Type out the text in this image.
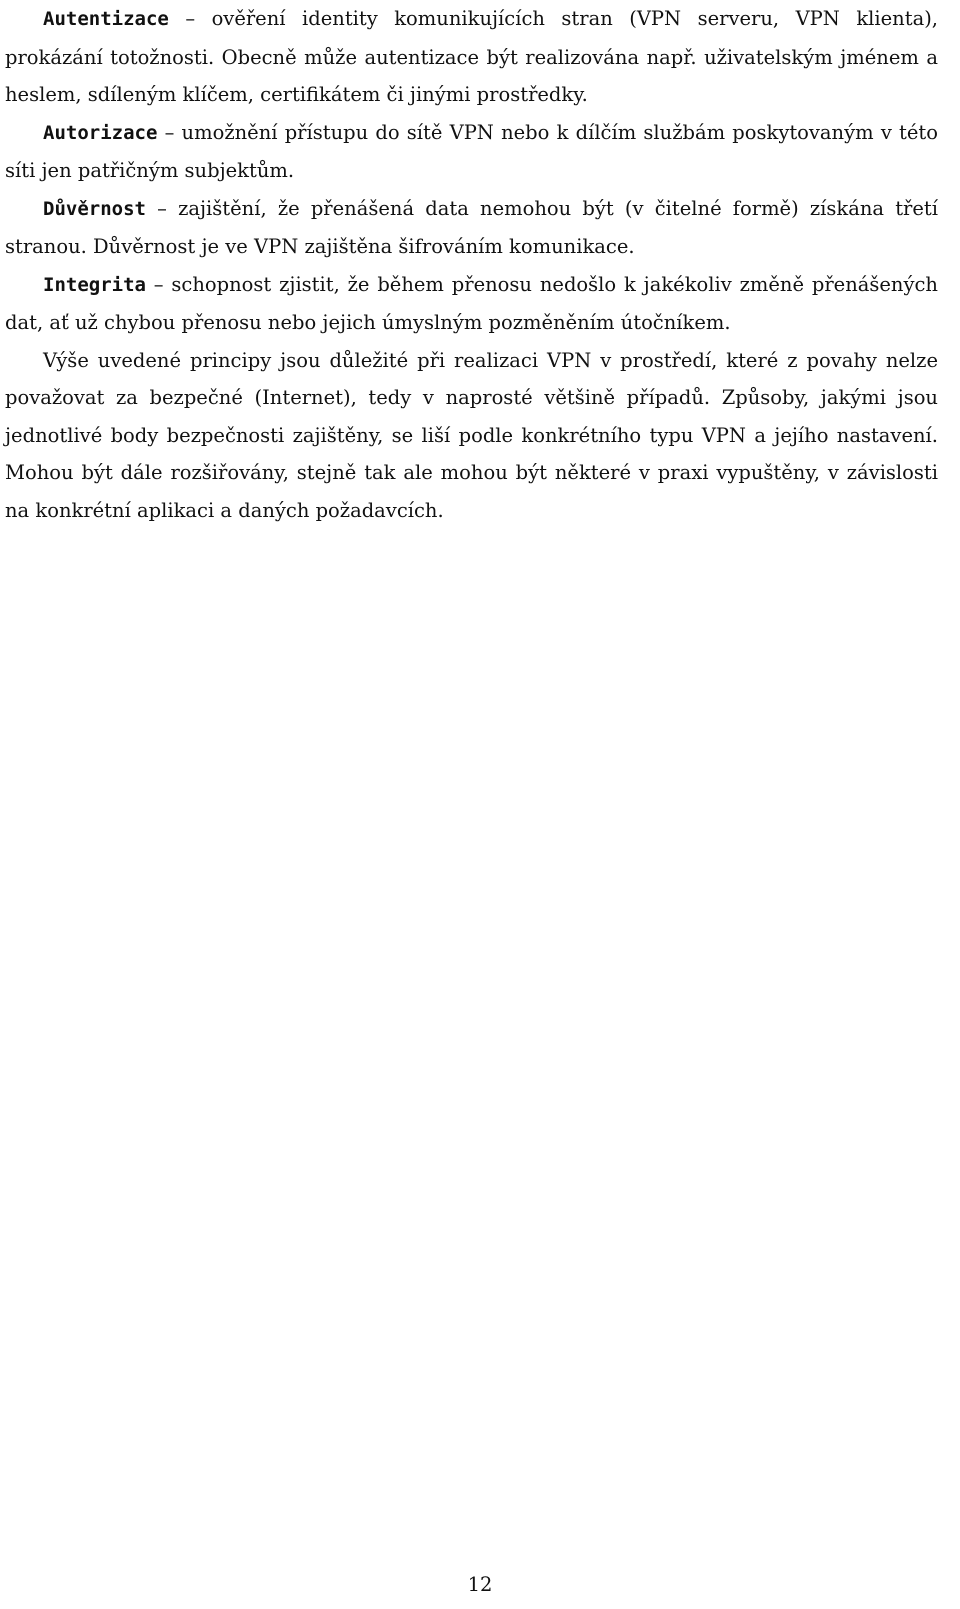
Autentizace – ověření identity komunikujících stran (VPN serveru, VPN klienta), prokázání totožnosti. Obecně může autentizace být realizována např. uživatelským jménem a heslem, sdíleným klíčem, certifikátem či jinými prostředky.

Autorizace – umožnění přístupu do sítě VPN nebo k dílčím službám poskytovaným v této síti jen patřičným subjektům.

Důvěrnost – zajištění, že přenášená data nemohou být (v čitelné formě) získána třetí stranou. Důvěrnost je ve VPN zajištěna šifrováním komunikace.

Integrita – schopnost zjistit, že během přenosu nedošlo k jakékoliv změně přenášených dat, ať už chybou přenosu nebo jejich úmyslným pozměněním útočníkem.

Výše uvedené principy jsou důležité při realizaci VPN v prostředí, které z povahy nelze považovat za bezpečné (Internet), tedy v naprosté většině případů. Způsoby, jakými jsou jednotlivé body bezpečnosti zajištěny, se liší podle konkrétního typu VPN a jejího nastavení. Mohou být dále rozšiřovány, stejně tak ale mohou být některé v praxi vypuštěny, v závislosti na konkrétní aplikaci a daných požadavcích.

12
